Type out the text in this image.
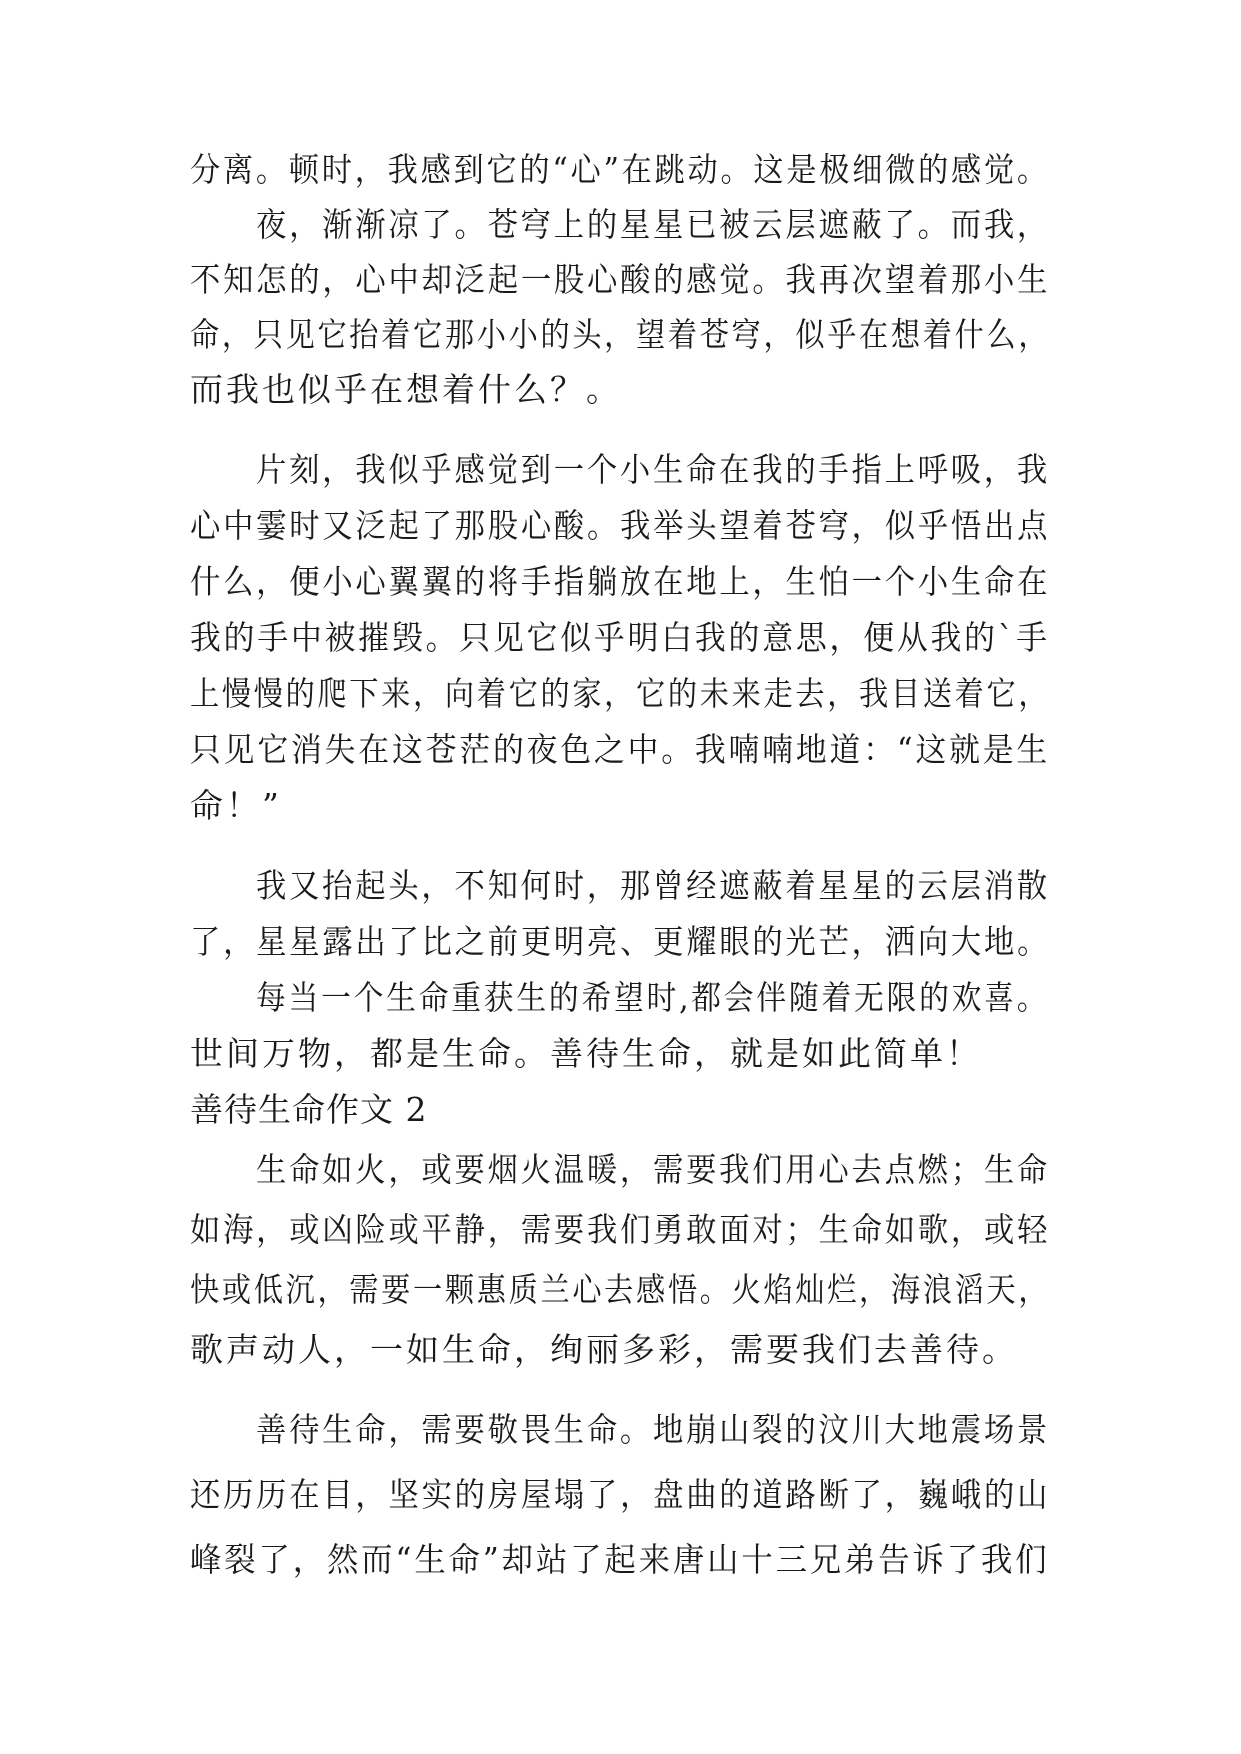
分离。顿时，我感到它的“心”在跳动。这是极细微的感觉。
夜，渐渐凉了。苍穹上的星星已被云层遮蔽了。而我，
不知怎的，心中却泛起一股心酸的感觉。我再次望着那小生
命，只见它抬着它那小小的头，望着苍穹，似乎在想着什么，
而我也似乎在想着什么？。
片刻，我似乎感觉到一个小生命在我的手指上呼吸，我
心中霎时又泛起了那股心酸。我举头望着苍穹，似乎悟出点
什么，便小心翼翼的将手指躺放在地上，生怕一个小生命在
我的手中被摧毁。只见它似乎明白我的意思，便从我的`手
上慢慢的爬下来，向着它的家，它的未来走去，我目送着它，
只见它消失在这苍茫的夜色之中。我喃喃地道：“这就是生
命！”
我又抬起头，不知何时，那曾经遮蔽着星星的云层消散
了，星星露出了比之前更明亮、更耀眼的光芒，洒向大地。
每当一个生命重获生的希望时,都会伴随着无限的欢喜。
世间万物，都是生命。善待生命，就是如此简单！
善待生命作文 2
生命如火，或要烟火温暖，需要我们用心去点燃；生命
如海，或凶险或平静，需要我们勇敢面对；生命如歌，或轻
快或低沉，需要一颗惠质兰心去感悟。火焰灿烂，海浪滔天，
歌声动人，一如生命，绚丽多彩，需要我们去善待。
善待生命，需要敬畏生命。地崩山裂的汶川大地震场景
还历历在目，坚实的房屋塌了，盘曲的道路断了，巍峨的山
峰裂了，然而“生命”却站了起来唐山十三兄弟告诉了我们
